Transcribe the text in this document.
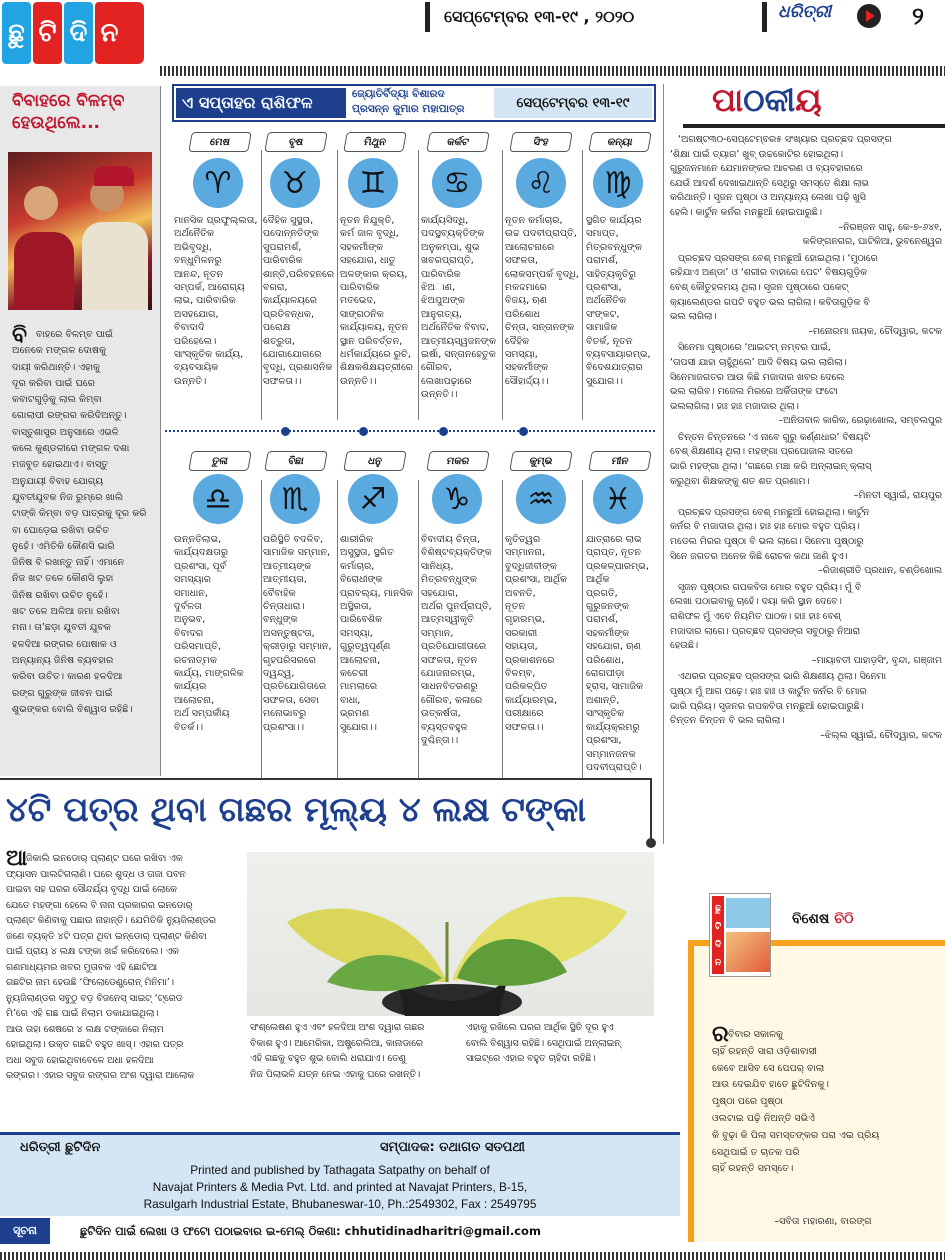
ଛୁ ଟି ଦି ନ
ସେପ୍ଟେମ୍ବର ୧୩-୧୯ , ୨୦୨୦	ଧରିତ୍ରୀ	୨
ବିବାହରେ ବିଳମ୍ବ ହେଉଥିଲେ...
ବି ବାହରେ ବିଳମ୍ବ ପାଇଁ
ଅନେକେ ମଙ୍ଗଳ ଦୋଷକୁ
ଦାୟୀ କରିଥାନ୍ତି। ଏହାକୁ
ଦୂର କରିବା ପାଇଁ ଘରେ
କବାଟଗୁଡ଼ିକୁ ଲାଲ କିମ୍ବା
ଗୋଲାପୀ ରଙ୍ଗର କରିଦିଅନ୍ତୁ।
ବାସ୍ତୁଶାସ୍ତ୍ର ଅନୁସାରେ ଏଭଳି
କଲେ କୁଣ୍ଡଳୀରେ ମଙ୍ଗଳ ଦଶା
ମଜବୁତ ହୋଇଥାଏ। ବାସ୍ତୁ
ଅନୁଯାୟୀ ବିବାହ ଯୋଗ୍ୟ
ଯୁବତୀଯୁବକ ନିଜ ରୁମ୍‌ରେ ଖାଲି
ଟାଙ୍କି କିମ୍ବା ବଡ଼ ପାତ୍ରକୁ ଦୂର କରି
ବା ଘୋଡ଼େଇ ରଖିବା ଉଚିତ
ନୁହେଁ। ଏମିତିକି କୌଣସି ଭାରି
ଜିନିଷ ବି ରଖନ୍ତୁ ନାହିଁ। ଏମାନେ
ନିଜ ଖଟ ତଳେ କୌଣସି ଲୁହା
ଜିନିଷ ରଖିବା ଉଚିତ ନୁହେଁ।
ଖଟ ତଳେ ଅଳିଆ ଜମା ରଖିବା
ମନା। ତା’ଛଡ଼ା ଯୁବତୀ ଯୁବକ
ହଳଦିଆ ରଙ୍ଗର ପୋଷାକ ଓ
ଅନ୍ୟାନ୍ୟ ଜିନିଷ ବ୍ୟବହାର
କରିବା ଉଚିତ। କାରଣ ହଳଦିଆ
ରଙ୍ଗ ଗୁରୁଙ୍କ ଜୀବନ ପାଇଁ
ଶୁଭଙ୍କର ବୋଲି ବିଶ୍ୱାସ ରହିଛି।
ଏ ସପ୍ତାହର ରାଶିଫଳ	ଜ୍ୟୋତିର୍ବିଦ୍ୟା ବିଶାରଦ
ପ୍ରସନ୍ନ କୁମାର ମହାପାତ୍ର	ସେପ୍ଟେମ୍ବର ୧୩-୧୯
ମେଷ
♈
ମାନସିକ ପ୍ରଫୁଲ୍ଲତା,
ଅର୍ଥନୈତିକ
ଅଭିବୃଦ୍ଧି,
ବନ୍ଧୁମିଳନରୁ
ଆନନ୍ଦ, ନୂତନ
ସମ୍ପର୍କ, ଆରୋଗ୍ୟ
ଲାଭ, ପାରିବାରିକ
ଅସହଯୋଗ,
ବିବାଦାଦି
ପରିହେଲେ।
ସାଂସ୍କୃତିକ କାର୍ଯ୍ୟ,
ବ୍ୟବସାୟିକ
ଉନ୍ନତି।
ବୃଷ
♉
ଦୈହିକ ସୁସ୍ଥତା,
ପଦୋନ୍ନତିଙ୍କ
ସୁପରାମର୍ଶ,
ପାରିବାରିକ
ଶାନ୍ତି,ପରିବହନରେ
ବଗରା,
କାର୍ଯ୍ୟାଳୟରେ
ପ୍ରତିବନ୍ଧକ,
ପରୋକ୍ଷ
ଶତ୍ରୁତା,
ଯୋଗାଯୋଗରେ
ବୃଦ୍ଧି, ପ୍ରଶାସନିକ
ସଫଳତା।।
ମିଥୁନ
♊
ନୂତନ ନିଯୁକ୍ତି,
କର୍ମ ଜାଳ ବୃଦ୍ଧି,
ସହକର୍ମୀଙ୍କ
ସହଯୋଗ, ଧାତୁ
ଅଳଙ୍କାର କ୍ରୟ,
ପାରିବାରିକ
ମତଭେଦ,
ସାଙ୍ଗଠନିକ
କାର୍ଯ୍ୟାଳୟ, ନୂତନ
ସ୍ଥାନ ପରିବର୍ତ୍ତନ,
ଧର୍ମକାର୍ଯ୍ୟରେ ରୁଚି,
ଶିକ୍ଷକଶିକ୍ଷୟତ୍ରୀରେ
ଉନ୍ନତି।।
କର୍କଟ
♋
କାର୍ଯ୍ୟସିଦ୍ଧି,
ପଦସ୍ଥବ୍ୟକ୍ତିଙ୍କ
ଅନୁକମ୍ପା, ଶୁଭ
ଖବରପ୍ରାପ୍ତି,
ପାରିବାରିକ
ଝିଅାଣ, ଝିଅପୁଅଙ୍କ
ଆନୁଗତ୍ୟ,
ଅର୍ଥନୈତିକ ବିବାଦ,
ଆତ୍ମୀୟସ୍ୱଜନଙ୍କ
ଇର୍ଷା, ସନ୍ତାନହେତୁକ
ଗୌରବ,
ଲେଖାପଢ଼ାରେ
ଉନ୍ନତି।।
ସିଂହ
♌
ନୂତନ କର୍ମାଚାର,
ଉଚ୍ଚ ପଦବୀପ୍ରାପ୍ତି,
ଆଲୋଚନାରେ
ସଫଳତା,
ଲୋକସମ୍ପର୍କ ବୃଦ୍ଧି,
ମକଦ୍ଦମାରେ
ବିଜୟ, ଋଣ
ପରିଶୋଧ
ଚିନ୍ତା, ସନ୍ତାନଙ୍କ
ଦୈହିକ
ସମସ୍ୟା,
ସହକର୍ମୀଙ୍କ
ସୌହାର୍ଦ୍ଦ୍ୟ।।
କନ୍ୟା
♍
ସ୍ଥଗିତ କାର୍ଯ୍ୟର
ସମାପ୍ତ,
ମିତ୍ରବନ୍ଧୁଙ୍କ
ପରାମର୍ଶ,
ସାହିତ୍ୟକୃତିରୁ
ପ୍ରଶଂସା,
ଅର୍ଥନୈତିକ
ସଂଙ୍କଟ,
ସାମାଜିକ
ବିତର୍କ, ନୂତନ
ବ୍ୟବସାୟାରମ୍ଭ,
ବିଦେଶଯାତ୍ରାର
ସୁଯୋଗ।।
ତୁଳା
♎
ଉନ୍ନତିଲାଭ,
କାର୍ଯ୍ୟଦକ୍ଷତାରୁ
ପ୍ରଶଂସା, ପୂର୍ବ
ସମସ୍ୟାର
ସମାଧାନ,
ଦୁର୍ବଳତା
ଅନୁଭବ,
ବିବାଦର
ପରିସମାପ୍ତି,
ରଚନାତ୍ମକ
କାର୍ଯ୍ୟ, ମାଙ୍ଗଳିକ
କାର୍ଯ୍ୟର
ଆଲୋଚନା,
ଅର୍ଥ ସମ୍ପର୍କୀୟ
ବିତର୍କ।।
ବିଛା
♏
ପରିସ୍ଥିତି ବଦଳିବ,
ସାମାଜିକ ସମ୍ମାନ,
ଆତ୍ମୀୟଙ୍କ
ଆତ୍ମୀୟତା,
ବୈବାହିକ
ଚିନ୍ତାଧାରା।
ବନ୍ଧୁଙ୍କ
ଅସନ୍ତୁଷ୍ଟତା,
କ୍ରୀଡ଼ାରୁ ସମ୍ମାନ,
ଗୃହପରିସରରେ
ଦ୍ୱନ୍ଦ୍ୱ,
ପ୍ରତିଯୋଗିତାରେ
ସଫଳତା, ସେବା
ମନୋଭାବରୁ
ପ୍ରଶଂସା।।
ଧନୁ
♐
ଶାରୀରିକ
ଅସୁସ୍ଥତା, ସ୍ଥଗିତ
କର୍ମାଚାର,
ବିରୋଧୀଙ୍କ
ପ୍ରାବଲ୍ୟ, ମାନସିକ
ଅସ୍ଥିରତା,
ପାରିବେଶିକ
ସମସ୍ୟା,
ଗୁରୁତ୍ୱପୂର୍ଣ୍ଣ
ଆଲୋଚନା,
କଚେରୀ
ମାମଲାରେ
ବାଧା,
ଭ୍ରମଣ
ସୁଯୋଗ।।
ମକର
♑
ବିବାଦୀୟ ଚିନ୍ତା,
ବିଶିଷ୍ଟବ୍ୟକ୍ତିଙ୍କ
ସାନିଧ୍ୟ, ମିତ୍ରବନ୍ଧୁଙ୍କ
ସହଯୋଗ,
ଅର୍ଥର ପୁନର୍ପ୍ରାପ୍ତି,
ଆତ୍ମସ୍ୱୀକୃତି
ସମ୍ମାନ,
ପ୍ରତିଯୋଗୀତାରେ
ସଫଳତା, ନୂତନ
ଯୋଜନାରମ୍ଭ,
ସାଧନବିତରଣରୁ
ଗୌରବ, କଳାରେ
ଉତ୍କର୍ଷତା,
ବ୍ୟସ୍ତବହୁଳ
ଦୁଶ୍ଚିନ୍ତା।।
କୁମ୍ଭ
♒
କୃତିତ୍ୱର
ସମ୍ମାନନା,
ବୁଦ୍ଧିଜୀବୀଙ୍କ
ପ୍ରଶଂସା, ଆର୍ଥିକ
ଅବନତି,
ନୂତନ
ଗୃହାରମ୍ଭ,
ସରକାରୀ
ସହାୟତା,
ପ୍ରକାଶନରେ
ବିଳମ୍ବ,
ପରିକଳ୍ପିତ
କାର୍ଯ୍ୟାରମ୍ଭ,
ପରୀକ୍ଷାରେ
ସଫଳତା।।
ମୀନ
♓
ଯାତ୍ରାରେ ଲାଭ
ପ୍ରାପ୍ତ, ନୂତନ
ପ୍ରକଳ୍ପାରମ୍ଭ, ଆର୍ଥିକ
ପ୍ରଗତି, ଗୁରୁଜନଙ୍କ
ପରାମର୍ଶ,
ସହକର୍ମୀଙ୍କ
ସହଯୋଗ, ଋଣ
ପରିଶୋଧ,
ରୋଗପୀଡ଼ା
ହ୍ରାସ, ସାମାଜିକ
ଅଶାନ୍ତି, ସାଂସ୍କୃତିକ
କାର୍ଯ୍ୟକ୍ରମରୁ
ପ୍ରଶଂସା,
ସମ୍ମାନଜନକ
ପଦବୀପ୍ରାପ୍ତି।
୪ଟି ପତ୍ର ଥିବା ଗଛର ମୂଲ୍ୟ ୪ ଲକ୍ଷ ଟଙ୍କା
ଆ
ଜିକାଲି ଇନଡୋର୍ ପ୍ଲାଣ୍ଟ ଘରେ ରଖିବା ଏକ
ଫ୍ୟାସନ ପାଲଟିଗଲାଣି। ଘରେ ଶୁଦ୍ଧ ଓ ତାଜା ପବନ
ପାଇବା ସହ ଘରର ସୌନ୍ଦର୍ଯ୍ୟ ବୃଦ୍ଧି ପାଇଁ ଲୋକେ
ଯେତେ ମହଙ୍ଗା ହେଲେ ବି ନାନା ପ୍ରକାରର ଇନଡୋର୍
ପ୍ଲାଣ୍ଟ କିଣିବାକୁ ପଛାଉ ନାହାନ୍ତି। ଯେମିତିକି ନ୍ୟୁଜିଲାଣ୍ଡର
ଜଣେ ବ୍ୟକ୍ତି ୪ଟି ପତ୍ର ଥିବା ଇନ୍‌ଡୋର୍ ପ୍ଲାଣ୍ଟ କିଣିବା
ପାଇଁ ପ୍ରାୟ ୪ ଲକ୍ଷ ଟଙ୍କା ଖର୍ଚ୍ଚ କରିଦେଲେ। ଏକ
ଗଣମାଧ୍ୟମର ଖବର ମୁତାବକ ଏହି ଛୋଟିଆ
ଗଛଟିର ନାମ ହେଉଛି ‘ଫିଲୋଡେଣ୍ଡ୍ରୋନ୍ ମିନିମା’।
ନ୍ୟୁଜିଲାଣ୍ଡର ସବୁଠୁ ବଡ଼ ବିଜନେସ୍ ସାଇଟ୍ ‘ଟ୍ରେଡ
ମି’ରେ ଏହି ଗଛ ପାଇଁ ନିଲାମ ଡକାଯାଇଥିଲା।
ଆଉ ତାହା ଶେଷରେ ୪ ଲକ୍ଷ ଟଙ୍କାରେ ନିଲାମ
ହୋଇଥିଲା। ଉକ୍ତ ଗଛଟି ବହୁତ ଖାସ୍। ଏହାର ପତ୍ର
ଅଧା ସବୁଜ ହୋଇଥିବାବେଳେ ଅଧା ହଳଦିଆ
ରଙ୍ଗର। ଏହାର ସବୁଜ ରଙ୍ଗର ଅଂଶ ଦ୍ୱାରା ଆଲୋକ
ସଂଶ୍ଲେଷଣ ହୁଏ ଏବଂ ହଳଦିଆ ଅଂଶ ଦ୍ୱାରା ଗଛର
ବିକାଶ ହୁଏ। ଆମେରିକା, ଅଷ୍ଟ୍ରେଲିଆ, କାନାଡାରେ
ଏହି ଗଛକୁ ବହୁତ ଶୁଭ ବୋଲି ଧରାଯାଏ। ତେଣୁ
ନିଜ ପିଲାଭଳି ଯତ୍ନ ନେଇ ଏହାକୁ ଘରେ ରଖନ୍ତି।
ଏହାକୁ ରଖିଲେ ଘରର ଆର୍ଥିକ ସ୍ଥିତି ଦୂର ହୁଏ
ବୋଲି ବିଶ୍ୱାସ ରହିଛି। ସେଥିପାଇଁ ଅନ୍‌ଲାଇନ୍
ସାଇଟ୍‌ରେ ଏହାର ବହୁତ ଚାହିଦା ରହିଛି।
ପାଠକୀୟ
‘ଅଗଷ୍ଟ୩୦-ସେପ୍ଟେମ୍ବର୫ ସଂଖ୍ୟାର ପ୍ରଚ୍ଛଦ ପ୍ରସଙ୍ଗ
‘ଶିକ୍ଷା ପାଇଁ ତ୍ୟାଗ’ ଖୁବ୍ ଉଚ୍ଚକୋଟିର ହୋଇଥିଲା।
ଗୁରୁଜନମାନେ ଯେମାନଙ୍କର ଆଚରଣ ଓ ବ୍ୟବହାରରେ
ଯେଉଁ ଆଦର୍ଶ ଦେଖାଇଥାନ୍ତି ସେଥିରୁ ସମସ୍ତେ ଶିକ୍ଷା ଲାଭ
କରିଥାନ୍ତି। ସୃଜନ ପୃଷ୍ଠା ଓ ଅନ୍ୟାନ୍ୟ ଲେଖା ପଢ଼ି ଖୁସି
ହେଲି। କାର୍ଟୁନ କର୍ନର ମନଛୁଆଁ ହୋଇପାରୁଛି।
–ନିରଞ୍ଜନ ସାହୁ, କେ-୭-୬୪୧,
କଳିଙ୍ଗନଗର, ଘାଟିକିଆ, ଭୁବନେଶ୍ୱର
ପ୍ରଚ୍ଛଦ ପ୍ରସଙ୍ଗ ବେଶ୍ ମନଛୁଆଁ ହୋଇଥିଲା। ‘ମୁଠାରେ
ରହିଯାଏ ଅଣ୍ଡା’ ଓ ‘ଶରୀର ବାହାରେ ପେଟ’ ବିଷୟଗୁଡ଼ିକ
ବେଶ୍ କୌତୁହଳମୟ ଥିଲା। ସୃଜନ ପୃଷ୍ଠାରେ ପକେଟ୍
କ୍ୟାଲେଣ୍ଡର ଗପଟି ବହୁତ ଭଲ ଲାଗିଲା। କବିତାଗୁଡ଼ିକ ବି
ଭଲ ଲାଗିଲା।
–ମନୋରମା ନାୟକ, ଚୌଦ୍ୱାର, କଟକ
ସିନେମା ପୃଷ୍ଠାରେ ‘ଆଇଟମ୍ ନମ୍ବର ପାଇଁ,
‘ତାପସୀ ଯାହା ଚାହୁଁଥିଲେ’ ଆଦି ବିଷୟ ଭଲ ଲାଗିଲା।
ସିନେମାଜଗତର ଆଉ କିଛି ମଜାଦାର ଖବର ଦେଲେ
ଭଲ ଲାଗିବ। ମଜେଲ ମିରରେ ଅର୍କିତାଙ୍କ ଫଟୋ
ଭଲଲାଗିଲା। ହାଃ ହାଃ ମଜାଦାର ଥିଲା।
–ଅନିତାବାଳ କାରିକ, ରେଢ଼ାଖୋଲ, ସମ୍ବଲପୁର
ଚିନ୍ତନ ଚିନ୍ତନରେ ‘ଏ ନାବେ ଗୁରୁ କର୍ଣ୍ଣଧାର’ ବିଷୟଟି
ବେଶ୍ ଶିକ୍ଷଣୀୟ ଥିଲା। ମହଙ୍ଗା ପ୍ରପୋଜାଲ ସତରେ
ଭାରି ମହଙ୍ଗା ଥିଲା। ‘ଗଛରେ ମଞ୍ଚା କରି ଅନ୍‌ଲାଇନ୍ କ୍ଲାସ୍
କରୁଥିବା ଶିକ୍ଷକଙ୍କୁ ଶତ ଶତ ପ୍ରଣାମ।
–ମିନତୀ ସ୍ୱାଇଁ, ରାୟପୁର
ପ୍ରଚ୍ଛଦ ପ୍ରସଙ୍ଗ ବେଶ୍ ମନଛୁଆଁ ହୋଇଥିଲା। କାର୍ଟୁନ
କର୍ନର ବି ମଜାଦାର ଥିଲା। ହାଃ ହାଃ ମୋର ବହୁତ ପ୍ରିୟ।
ମଡେଲ ମିରର ପୃଷ୍ଠା ବି ଭଲ ଲାଗେ। ସିନେମା ପୃଷ୍ଠାରୁ
ସିନେ ଜଗତର ଅନେକ କିଛି ରୋଚକ କଥା ଜାଣି ହୁଏ।
–ରିଜାଶ୍ରୀତି ପ୍ରଧାନ, ଚଣ୍ଡିଖୋଲ
ସୃଜନ ପୃଷ୍ଠାର ଗପକବିତା ମୋର ବହୁତ ପ୍ରିୟ। ମୁଁ ବି
ଲେଖା ପଠାଇବାକୁ ଚାହେଁ। ଦୟା କରି ସ୍ଥାନ ଦେବେ।
ରାଶିଫଳ ମୁଁ ଏବେ ନିୟମିତ ପାଠକ। ହାଃ ହାଃ ବେଶ୍
ମଜାଦାର ଲାଗେ। ପ୍ରଚ୍ଛଦ ପ୍ରସଙ୍ଗ ସବୁଠାରୁ ନିଆରା
ହେଉଛି।
–ମାୟାବତୀ ପାହାଡ଼ସିଂ, ବୃନ୍ଦା, ଗଞ୍ଜାମ
ଏଥରର ପ୍ରଚ୍ଛଦ ପ୍ରସଙ୍ଗ ଭାରି ଶିକ୍ଷଣୀୟ ଥିଲା। ସିନେମା
ପୃଷ୍ଠା ମୁଁ ଆଗ ପଢ଼େ। ହାଃ ହାଃ ଓ କାର୍ଟୁନ କର୍ନର ବି ମୋର
ଭାରି ପ୍ରିୟ। ସୃଜନର ଗପକବିତା ମନଛୁଆଁ ହୋଇପାରୁଛି।
ଚିନ୍ତନ ଚିନ୍ତନ ବି ଭଲ ଲାଗିଲା।
–ଝିଲ୍ଲ ସ୍ୱାଇଁ, ଚୌଦ୍ୱାର, କଟକ
ଛୁ
ଟି
ଦି
ନ
ବିଶେଷ ଚିଠି
ର ବିବାର ସକାଳକୁ
ଚାହିଁ ରହନ୍ତି ସାରା ଓଡ଼ିଶାବାସୀ
କେବେ ଆସିବ ସେ ପେପର୍ ବାଲା
ଆଉ ଦେଇଯିବ ହାତେ ଛୁଟିଦିନକୁ।
ପୃଷ୍ଠା ପରେ ପୃଷ୍ଠା
ଓଲଟାଇ ପଢ଼ି ନିଅନ୍ତି ସଭିଏଁ
କି ବୁଢ଼ା କି ପିଲା ସମସ୍ତଙ୍କର ପରା ଏଇ ପ୍ରିୟ
ସେଥିପାଇଁ ତ ଚାତକ ପରି
ଚାହିଁ ରହନ୍ତି ସମସ୍ତେ।
–ସବିତା ମହାରଣା, ବାରଙ୍ଗ
ଧରିତ୍ରୀ ଛୁଟିଦିନ	ସମ୍ପାଦକ: ତଥାଗତ ସତପଥୀ
Printed and published by Tathagata Satpathy on behalf of
Navajat Printers & Media Pvt. Ltd. and printed at Navajat Printers, B-15,
Rasulgarh Industrial Estate, Bhubaneswar-10, Ph.:2549302, Fax : 2549795
ସୂଚନା	ଛୁଟିଦିନ ପାଇଁ ଲେଖା ଓ ଫଟୋ ପଠାଇବାର ଇ-ମେଲ୍ ଠିକଣା: chhutidinadharitri@gmail.com
